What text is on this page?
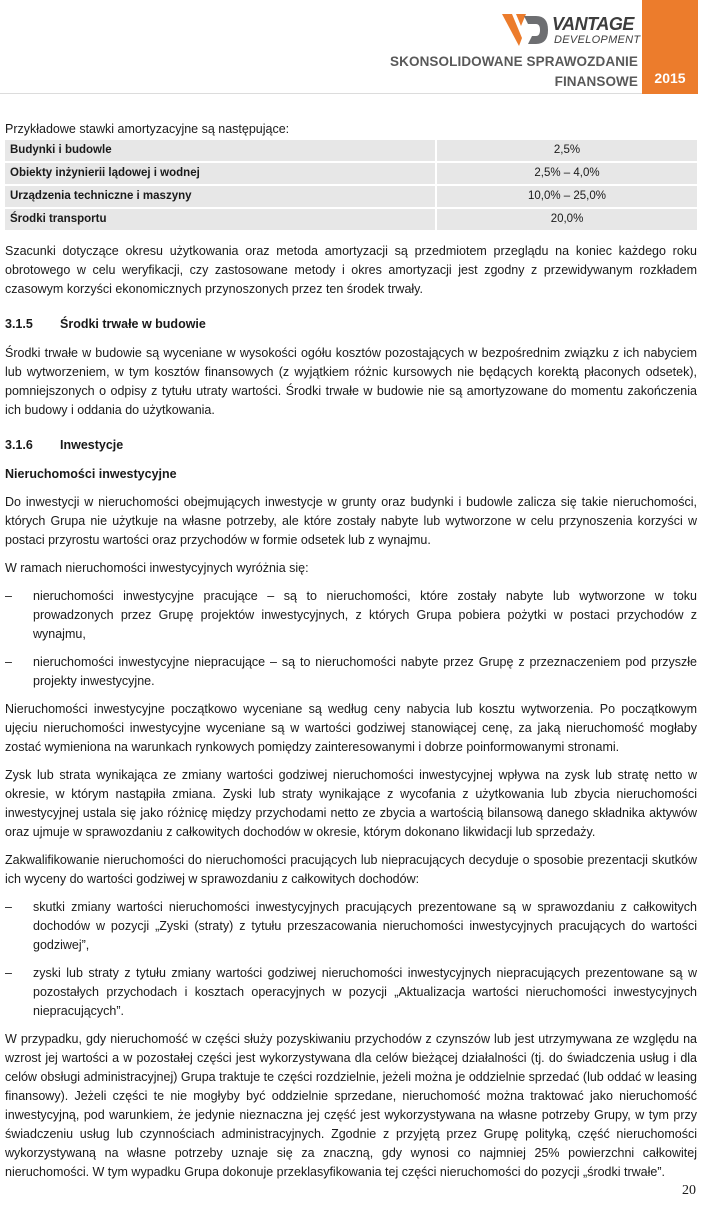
VANTAGE
DEVELOPMENT
SKONSOLIDOWANE SPRAWOZDANIE
FINANSOWE	2015

Przykładowe stawki amortyzacyjne są następujące:

Budynki i budowle	2,5%
Obiekty inżynierii lądowej i wodnej	2,5% – 4,0%
Urządzenia techniczne i maszyny	10,0% – 25,0%
Środki transportu	20,0%

Szacunki dotyczące okresu użytkowania oraz metoda amortyzacji są przedmiotem przeglądu na koniec każdego roku obrotowego w celu weryfikacji, czy zastosowane metody i okres amortyzacji jest zgodny z przewidywanym rozkładem czasowym korzyści ekonomicznych przynoszonych przez ten środek trwały.

3.1.5 Środki trwałe w budowie

Środki trwałe w budowie są wyceniane w wysokości ogółu kosztów pozostających w bezpośrednim związku z ich nabyciem lub wytworzeniem, w tym kosztów finansowych (z wyjątkiem różnic kursowych nie będących korektą płaconych odsetek), pomniejszonych o odpisy z tytułu utraty wartości. Środki trwałe w budowie nie są amortyzowane do momentu zakończenia ich budowy i oddania do użytkowania.

3.1.6 Inwestycje
Nieruchomości inwestycyjne

Do inwestycji w nieruchomości obejmujących inwestycje w grunty oraz budynki i budowle zalicza się takie nieruchomości, których Grupa nie użytkuje na własne potrzeby, ale które zostały nabyte lub wytworzone w celu przynoszenia korzyści w postaci przyrostu wartości oraz przychodów w formie odsetek lub z wynajmu.

W ramach nieruchomości inwestycyjnych wyróżnia się:

– nieruchomości inwestycyjne pracujące – są to nieruchomości, które zostały nabyte lub wytworzone w toku prowadzonych przez Grupę projektów inwestycyjnych, z których Grupa pobiera pożytki w postaci przychodów z wynajmu,

– nieruchomości inwestycyjne niepracujące – są to nieruchomości nabyte przez Grupę z przeznaczeniem pod przyszłe projekty inwestycyjne.

Nieruchomości inwestycyjne początkowo wyceniane są według ceny nabycia lub kosztu wytworzenia. Po początkowym ujęciu nieruchomości inwestycyjne wyceniane są w wartości godziwej stanowiącej cenę, za jaką nieruchomość mogłaby zostać wymieniona na warunkach rynkowych pomiędzy zainteresowanymi i dobrze poinformowanymi stronami.

Zysk lub strata wynikająca ze zmiany wartości godziwej nieruchomości inwestycyjnej wpływa na zysk lub stratę netto w okresie, w którym nastąpiła zmiana. Zyski lub straty wynikające z wycofania z użytkowania lub zbycia nieruchomości inwestycyjnej ustala się jako różnicę między przychodami netto ze zbycia a wartością bilansową danego składnika aktywów oraz ujmuje w sprawozdaniu z całkowitych dochodów w okresie, którym dokonano likwidacji lub sprzedaży.

Zakwalifikowanie nieruchomości do nieruchomości pracujących lub niepracujących decyduje o sposobie prezentacji skutków ich wyceny do wartości godziwej w sprawozdaniu z całkowitych dochodów:

– skutki zmiany wartości nieruchomości inwestycyjnych pracujących prezentowane są w sprawozdaniu z całkowitych dochodów w pozycji „Zyski (straty) z tytułu przeszacowania nieruchomości inwestycyjnych pracujących do wartości godziwej”,

– zyski lub straty z tytułu zmiany wartości godziwej nieruchomości inwestycyjnych niepracujących prezentowane są w pozostałych przychodach i kosztach operacyjnych w pozycji „Aktualizacja wartości nieruchomości inwestycyjnych niepracujących”.

W przypadku, gdy nieruchomość w części służy pozyskiwaniu przychodów z czynszów lub jest utrzymywana ze względu na wzrost jej wartości a w pozostałej części jest wykorzystywana dla celów bieżącej działalności (tj. do świadczenia usług i dla celów obsługi administracyjnej) Grupa traktuje te części rozdzielnie, jeżeli można je oddzielnie sprzedać (lub oddać w leasing finansowy). Jeżeli części te nie mogłyby być oddzielnie sprzedane, nieruchomość można traktować jako nieruchomość inwestycyjną, pod warunkiem, że jedynie nieznaczna jej część jest wykorzystywana na własne potrzeby Grupy, w tym przy świadczeniu usług lub czynnościach administracyjnych. Zgodnie z przyjętą przez Grupę polityką, część nieruchomości wykorzystywaną na własne potrzeby uznaje się za znaczną, gdy wynosi co najmniej 25% powierzchni całkowitej nieruchomości. W tym wypadku Grupa dokonuje przeklasyfikowania tej części nieruchomości do pozycji „środki trwałe”.

20
